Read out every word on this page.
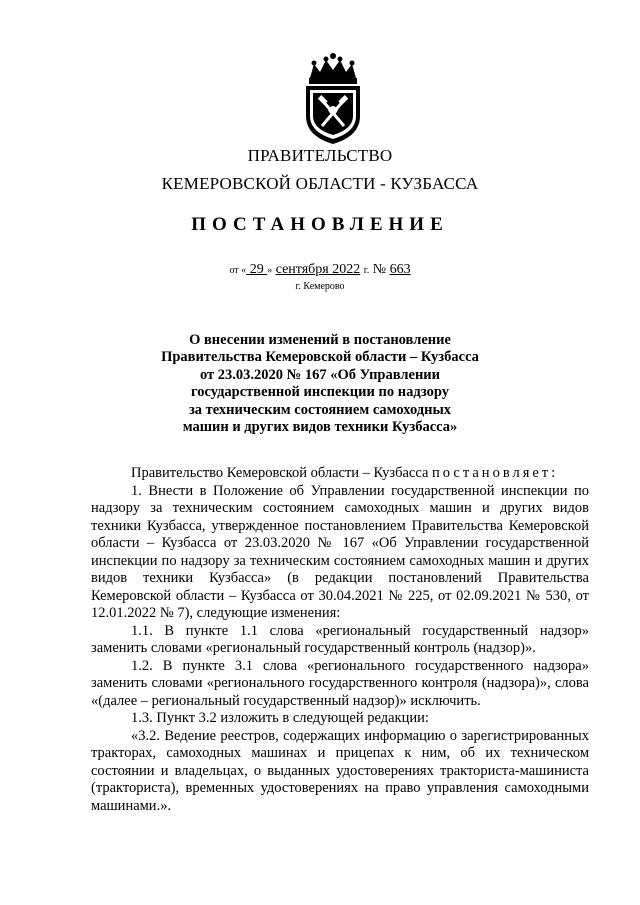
ПРАВИТЕЛЬСТВО
КЕМЕРОВСКОЙ ОБЛАСТИ - КУЗБАССА
ПОСТАНОВЛЕНИЕ
от « 29 » сентября 2022 г. № 663
г. Кемерово
О внесении изменений в постановление
Правительства Кемеровской области – Кузбасса
от 23.03.2020 № 167 «Об Управлении
государственной инспекции по надзору
за техническим состоянием самоходных
машин и других видов техники Кузбасса»

Правительство Кемеровской области – Кузбасса постановляет:

1. Внести в Положение об Управлении государственной инспекции по надзору за техническим состоянием самоходных машин и других видов техники Кузбасса, утвержденное постановлением Правительства Кемеровской области – Кузбасса от 23.03.2020 № 167 «Об Управлении государственной инспекции по надзору за техническим состоянием самоходных машин и других видов техники Кузбасса» (в редакции постановлений Правительства Кемеровской области – Кузбасса от 30.04.2021 № 225, от 02.09.2021 № 530, от 12.01.2022 № 7), следующие изменения:

1.1. В пункте 1.1 слова «региональный государственный надзор» заменить словами «региональный государственный контроль (надзор)».

1.2. В пункте 3.1 слова «регионального государственного надзора» заменить словами «регионального государственного контроля (надзора)», слова «(далее – региональный государственный надзор)» исключить.

1.3. Пункт 3.2 изложить в следующей редакции:

«3.2. Ведение реестров, содержащих информацию о зарегистрированных тракторах, самоходных машинах и прицепах к ним, об их техническом состоянии и владельцах, о выданных удостоверениях тракториста-машиниста (тракториста), временных удостоверениях на право управления самоходными машинами.».
